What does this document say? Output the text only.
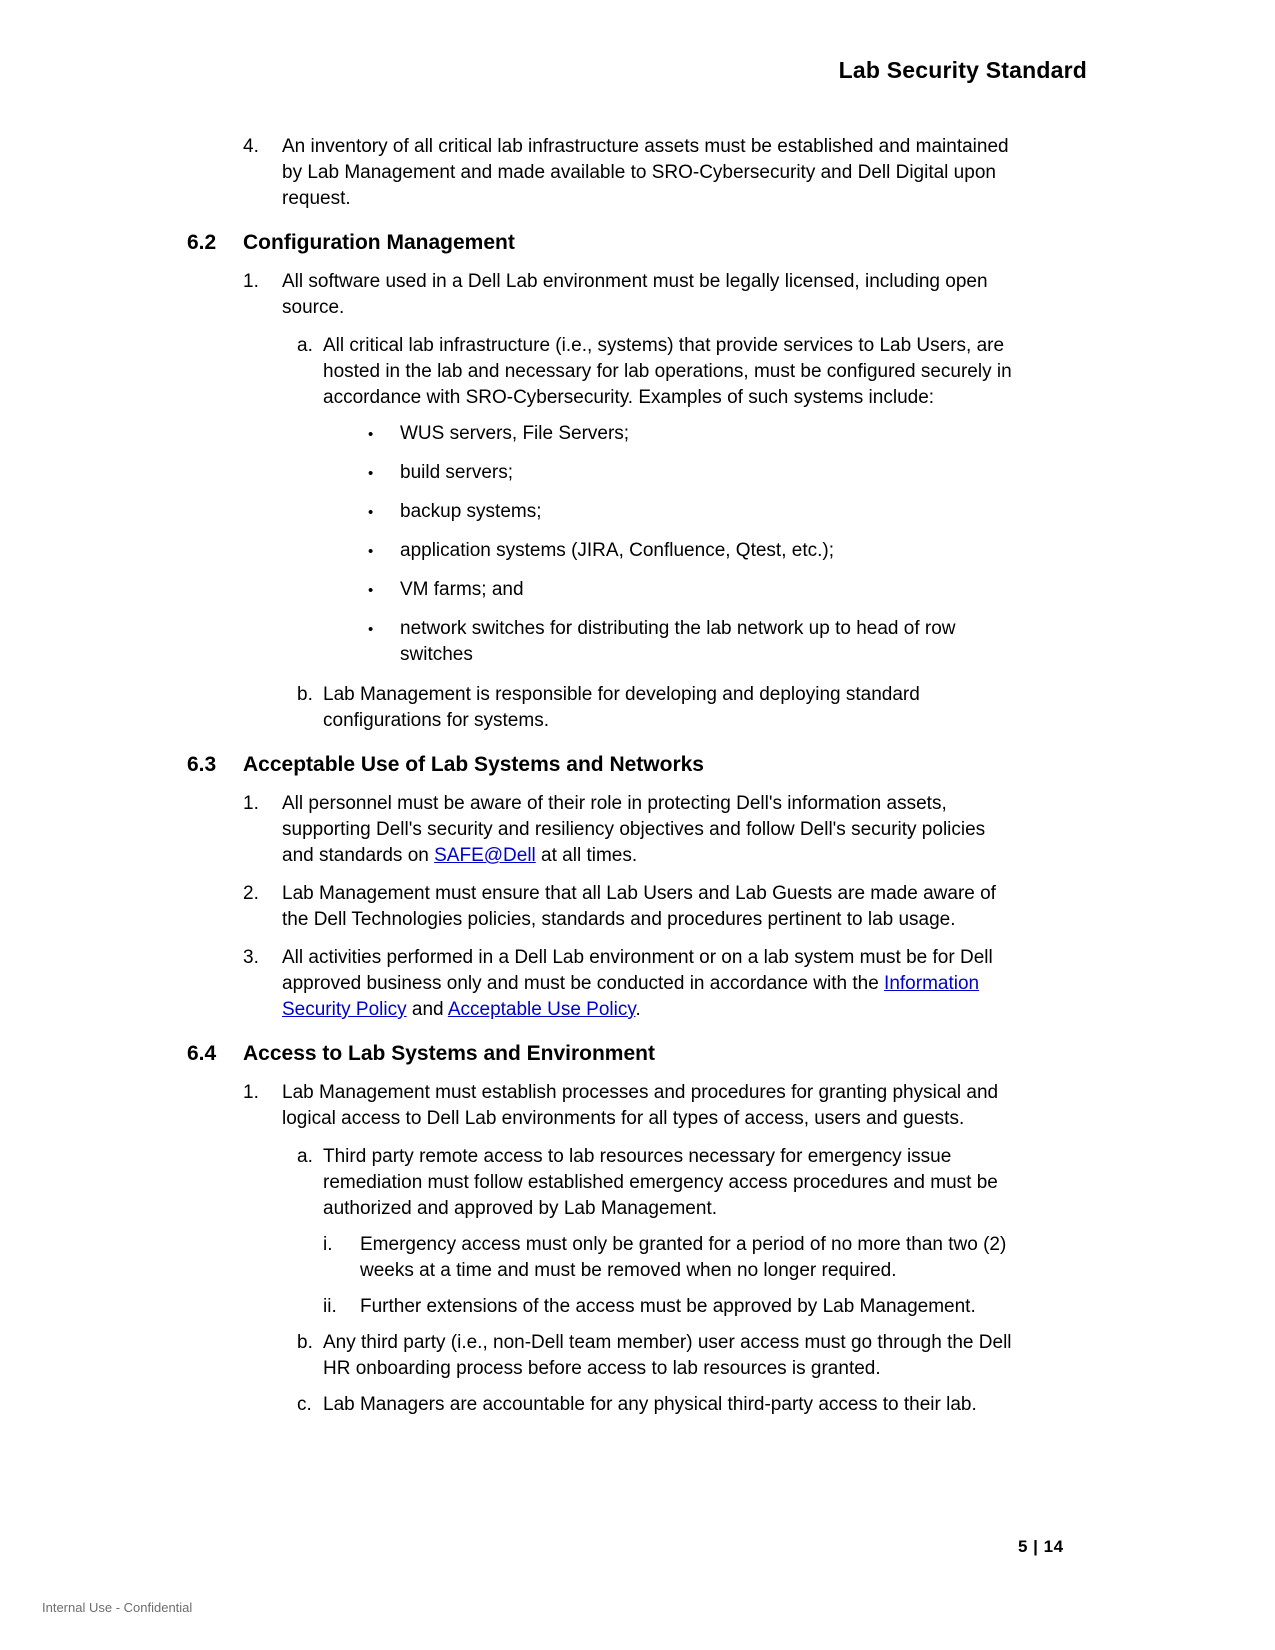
Lab Security Standard
4. An inventory of all critical lab infrastructure assets must be established and maintained by Lab Management and made available to SRO-Cybersecurity and Dell Digital upon request.
6.2 Configuration Management
1. All software used in a Dell Lab environment must be legally licensed, including open source.
a. All critical lab infrastructure (i.e., systems) that provide services to Lab Users, are hosted in the lab and necessary for lab operations, must be configured securely in accordance with SRO-Cybersecurity. Examples of such systems include:
• WUS servers, File Servers;
• build servers;
• backup systems;
• application systems (JIRA, Confluence, Qtest, etc.);
• VM farms; and
• network switches for distributing the lab network up to head of row switches
b. Lab Management is responsible for developing and deploying standard configurations for systems.
6.3 Acceptable Use of Lab Systems and Networks
1. All personnel must be aware of their role in protecting Dell's information assets, supporting Dell's security and resiliency objectives and follow Dell's security policies and standards on SAFE@Dell at all times.
2. Lab Management must ensure that all Lab Users and Lab Guests are made aware of the Dell Technologies policies, standards and procedures pertinent to lab usage.
3. All activities performed in a Dell Lab environment or on a lab system must be for Dell approved business only and must be conducted in accordance with the Information Security Policy and Acceptable Use Policy.
6.4 Access to Lab Systems and Environment
1. Lab Management must establish processes and procedures for granting physical and logical access to Dell Lab environments for all types of access, users and guests.
a. Third party remote access to lab resources necessary for emergency issue remediation must follow established emergency access procedures and must be authorized and approved by Lab Management.
i. Emergency access must only be granted for a period of no more than two (2) weeks at a time and must be removed when no longer required.
ii. Further extensions of the access must be approved by Lab Management.
b. Any third party (i.e., non-Dell team member) user access must go through the Dell HR onboarding process before access to lab resources is granted.
c. Lab Managers are accountable for any physical third-party access to their lab.
5 | 14
Internal Use - Confidential
